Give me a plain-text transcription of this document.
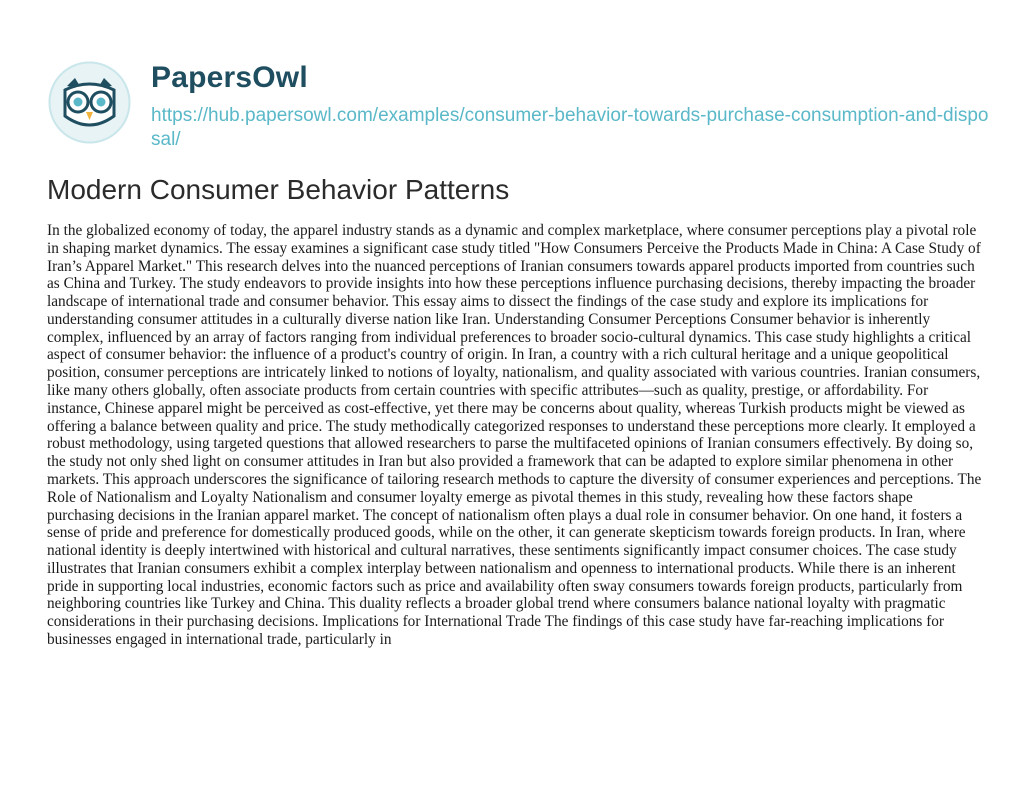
PapersOwl
https://hub.papersowl.com/examples/consumer-behavior-towards-purchase-consumption-and-disposal/
Modern Consumer Behavior Patterns

In the globalized economy of today, the apparel industry stands as a dynamic and complex marketplace, where consumer perceptions play a pivotal role in shaping market dynamics. The essay examines a significant case study titled "How Consumers Perceive the Products Made in China: A Case Study of Iran’s Apparel Market." This research delves into the nuanced perceptions of Iranian consumers towards apparel products imported from countries such as China and Turkey. The study endeavors to provide insights into how these perceptions influence purchasing decisions, thereby impacting the broader landscape of international trade and consumer behavior. This essay aims to dissect the findings of the case study and explore its implications for understanding consumer attitudes in a culturally diverse nation like Iran. Understanding Consumer Perceptions Consumer behavior is inherently complex, influenced by an array of factors ranging from individual preferences to broader socio-cultural dynamics. This case study highlights a critical aspect of consumer behavior: the influence of a product's country of origin. In Iran, a country with a rich cultural heritage and a unique geopolitical position, consumer perceptions are intricately linked to notions of loyalty, nationalism, and quality associated with various countries. Iranian consumers, like many others globally, often associate products from certain countries with specific attributes—such as quality, prestige, or affordability. For instance, Chinese apparel might be perceived as cost-effective, yet there may be concerns about quality, whereas Turkish products might be viewed as offering a balance between quality and price. The study methodically categorized responses to understand these perceptions more clearly. It employed a robust methodology, using targeted questions that allowed researchers to parse the multifaceted opinions of Iranian consumers effectively. By doing so, the study not only shed light on consumer attitudes in Iran but also provided a framework that can be adapted to explore similar phenomena in other markets. This approach underscores the significance of tailoring research methods to capture the diversity of consumer experiences and perceptions. The Role of Nationalism and Loyalty Nationalism and consumer loyalty emerge as pivotal themes in this study, revealing how these factors shape purchasing decisions in the Iranian apparel market. The concept of nationalism often plays a dual role in consumer behavior. On one hand, it fosters a sense of pride and preference for domestically produced goods, while on the other, it can generate skepticism towards foreign products. In Iran, where national identity is deeply intertwined with historical and cultural narratives, these sentiments significantly impact consumer choices. The case study illustrates that Iranian consumers exhibit a complex interplay between nationalism and openness to international products. While there is an inherent pride in supporting local industries, economic factors such as price and availability often sway consumers towards foreign products, particularly from neighboring countries like Turkey and China. This duality reflects a broader global trend where consumers balance national loyalty with pragmatic considerations in their purchasing decisions. Implications for International Trade The findings of this case study have far-reaching implications for businesses engaged in international trade, particularly in
